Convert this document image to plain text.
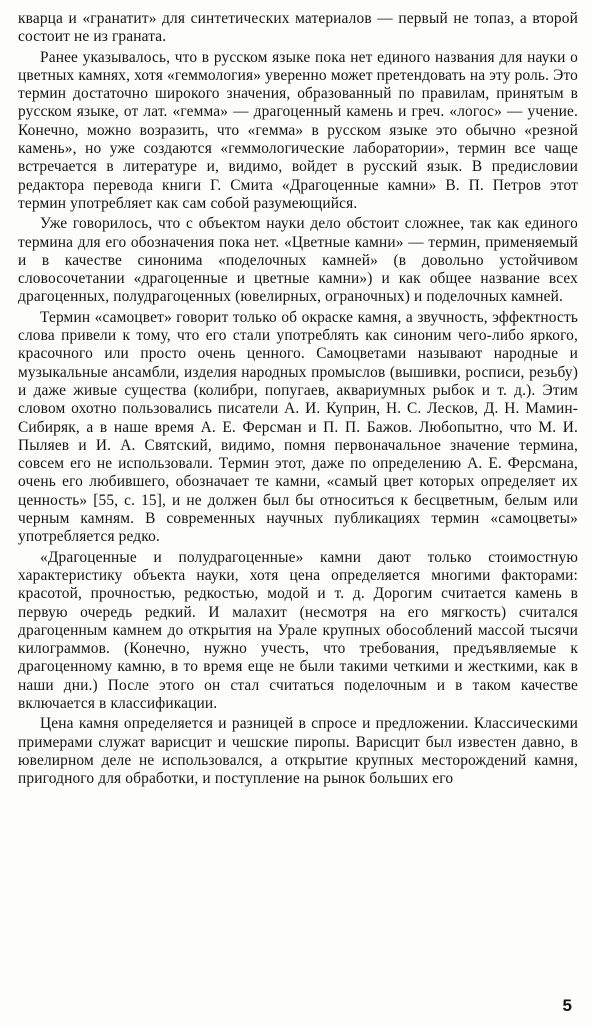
кварца и «гранатит» для синтетических материалов — первый не топаз, а второй состоит не из граната.

Ранее указывалось, что в русском языке пока нет единого названия для науки о цветных камнях, хотя «геммология» уверенно может претендовать на эту роль. Это термин достаточно широкого значения, образованный по правилам, принятым в русском языке, от лат. «гемма» — драгоценный камень и греч. «логос» — учение. Конечно, можно возразить, что «гемма» в русском языке это обычно «резной камень», но уже создаются «геммологические лаборатории», термин все чаще встречается в литературе и, видимо, войдет в русский язык. В предисловии редактора перевода книги Г. Смита «Драгоценные камни» В. П. Петров этот термин употребляет как сам собой разумеющийся.

Уже говорилось, что с объектом науки дело обстоит сложнее, так как единого термина для его обозначения пока нет. «Цветные камни» — термин, применяемый и в качестве синонима «поделочных камней» (в довольно устойчивом словосочетании «драгоценные и цветные камни») и как общее название всех драгоценных, полудрагоценных (ювелирных, ограночных) и поделочных камней.

Термин «самоцвет» говорит только об окраске камня, а звучность, эффектность слова привели к тому, что его стали употреблять как синоним чего-либо яркого, красочного или просто очень ценного. Самоцветами называют народные и музыкальные ансамбли, изделия народных промыслов (вышивки, росписи, резьбу) и даже живые существа (колибри, попугаев, аквариумных рыбок и т. д.). Этим словом охотно пользовались писатели А. И. Куприн, Н. С. Лесков, Д. Н. Мамин-Сибиряк, а в наше время А. Е. Ферсман и П. П. Бажов. Любопытно, что М. И. Пыляев и И. А. Святский, видимо, помня первоначальное значение термина, совсем его не использовали. Термин этот, даже по определению А. Е. Ферсмана, очень его любившего, обозначает те камни, «самый цвет которых определяет их ценность» [55, с. 15], и не должен был бы относиться к бесцветным, белым или черным камням. В современных научных публикациях термин «самоцветы» употребляется редко.

«Драгоценные и полудрагоценные» камни дают только стоимостную характеристику объекта науки, хотя цена определяется многими факторами: красотой, прочностью, редкостью, модой и т. д. Дорогим считается камень в первую очередь редкий. И малахит (несмотря на его мягкость) считался драгоценным камнем до открытия на Урале крупных обособлений массой тысячи килограммов. (Конечно, нужно учесть, что требования, предъявляемые к драгоценному камню, в то время еще не были такими четкими и жесткими, как в наши дни.) После этого он стал считаться поделочным и в таком качестве включается в классификации.

Цена камня определяется и разницей в спросе и предложении. Классическими примерами служат варисцит и чешские пиропы. Варисцит был известен давно, в ювелирном деле не использовался, а открытие крупных месторождений камня, пригодного для обработки, и поступление на рынок больших его

5
